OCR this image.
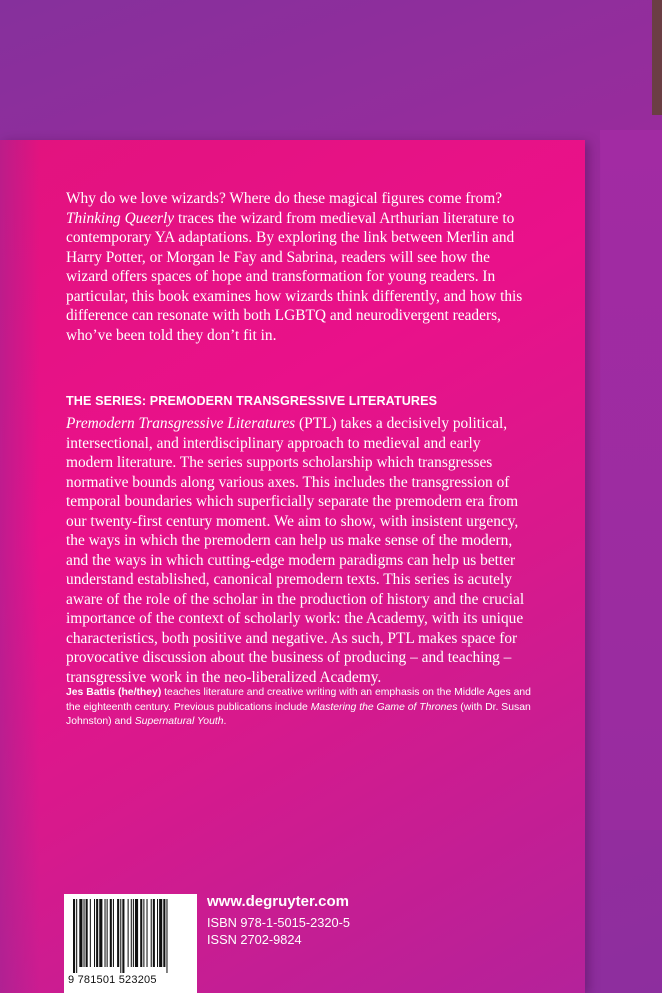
Why do we love wizards? Where do these magical figures come from? Thinking Queerly traces the wizard from medieval Arthurian literature to contemporary YA adaptations. By exploring the link between Merlin and Harry Potter, or Morgan le Fay and Sabrina, readers will see how the wizard offers spaces of hope and transformation for young readers. In particular, this book examines how wizards think differently, and how this difference can resonate with both LGBTQ and neurodivergent readers, who’ve been told they don’t fit in.
THE SERIES: PREMODERN TRANSGRESSIVE LITERATURES
Premodern Transgressive Literatures (PTL) takes a decisively political, intersectional, and interdisciplinary approach to medieval and early modern literature. The series supports scholarship which transgresses normative bounds along various axes. This includes the transgression of temporal boundaries which superficially separate the premodern era from our twenty-first century moment. We aim to show, with insistent urgency, the ways in which the premodern can help us make sense of the modern, and the ways in which cutting-edge modern paradigms can help us better understand established, canonical premodern texts. This series is acutely aware of the role of the scholar in the production of history and the crucial importance of the context of scholarly work: the Academy, with its unique characteristics, both positive and negative. As such, PTL makes space for provocative discussion about the business of producing – and teaching – transgressive work in the neo-liberalized Academy.
Jes Battis (he/they) teaches literature and creative writing with an emphasis on the Middle Ages and the eighteenth century. Previous publications include Mastering the Game of Thrones (with Dr. Susan Johnston) and Supernatural Youth.
9 781501 523205
www.degruyter.com
ISBN 978-1-5015-2320-5
ISSN 2702-9824
